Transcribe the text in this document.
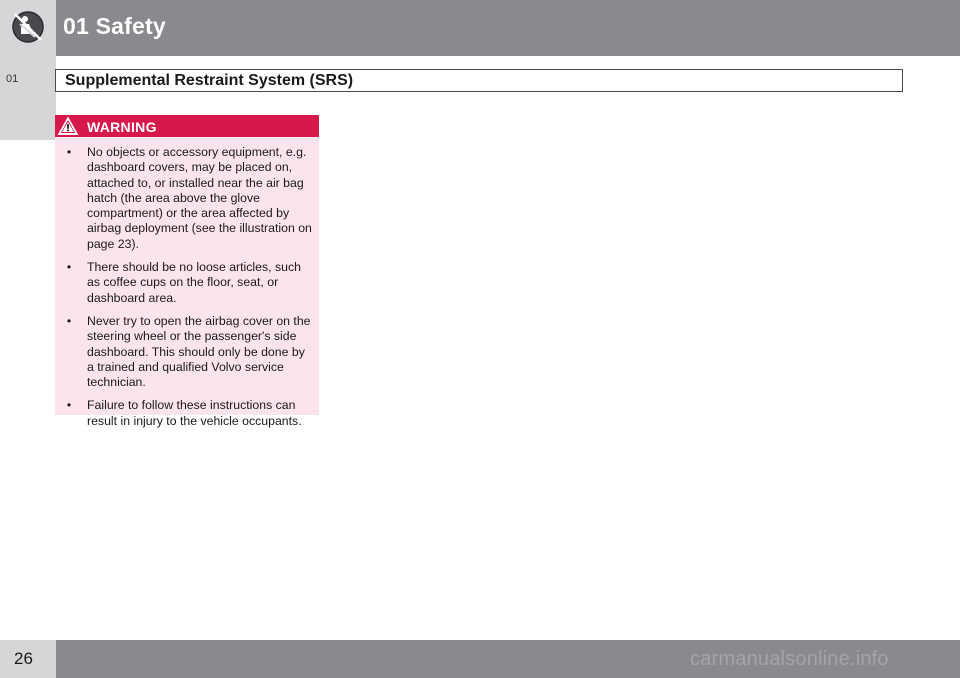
01 Safety
01	Supplemental Restraint System (SRS)
WARNING
•	No objects or accessory equipment, e.g. dashboard covers, may be placed on, attached to, or installed near the air bag hatch (the area above the glove compartment) or the area affected by airbag deployment (see the illustration on page 23).
•	There should be no loose articles, such as coffee cups on the floor, seat, or dashboard area.
•	Never try to open the airbag cover on the steering wheel or the passenger's side dashboard. This should only be done by a trained and qualified Volvo service technician.
•	Failure to follow these instructions can result in injury to the vehicle occupants.
26	carmanualsonline.info
